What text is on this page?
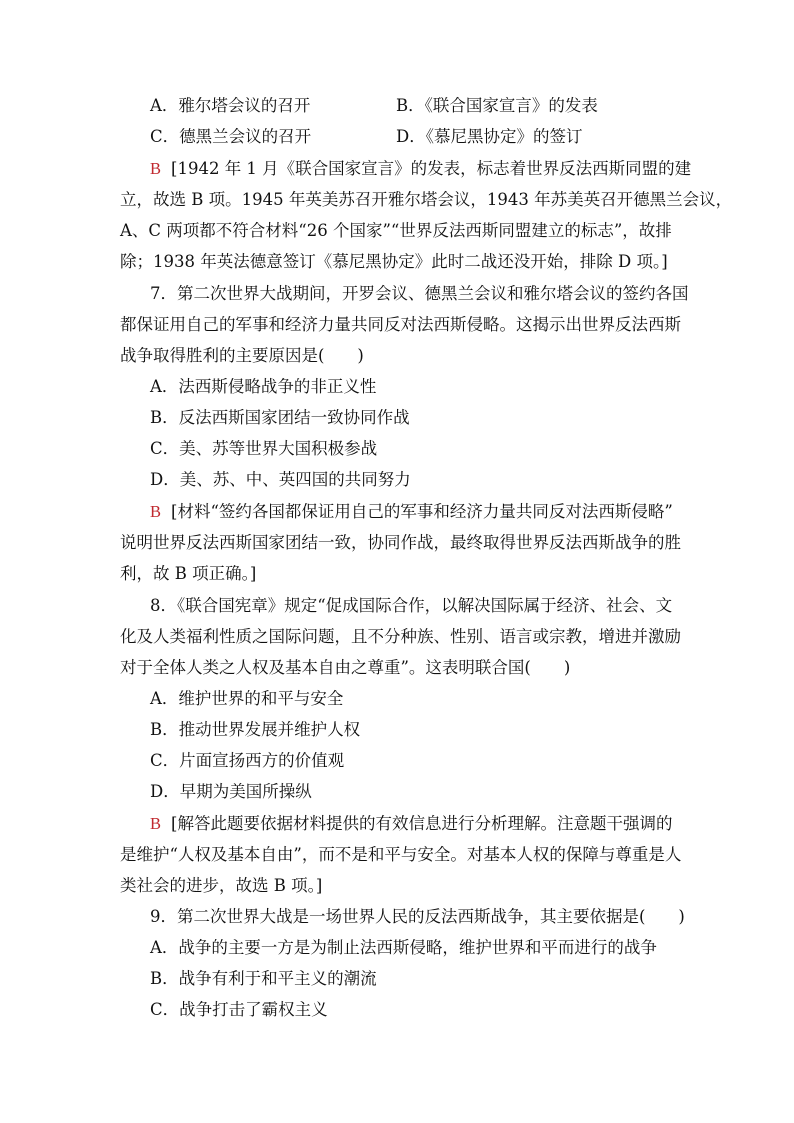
A．雅尔塔会议的召开	B．《联合国家宣言》的发表
C．德黑兰会议的召开	D．《慕尼黑协定》的签订
B [1942 年 1 月《联合国家宣言》的发表，标志着世界反法西斯同盟的建
立，故选 B 项。1945 年英美苏召开雅尔塔会议，1943 年苏美英召开德黑兰会议，
A、C 两项都不符合材料“26 个国家”“世界反法西斯同盟建立的标志”，故排
除；1938 年英法德意签订《慕尼黑协定》此时二战还没开始，排除 D 项。]
7．第二次世界大战期间，开罗会议、德黑兰会议和雅尔塔会议的签约各国
都保证用自己的军事和经济力量共同反对法西斯侵略。这揭示出世界反法西斯
战争取得胜利的主要原因是(　　)
A．法西斯侵略战争的非正义性
B．反法西斯国家团结一致协同作战
C．美、苏等世界大国积极参战
D．美、苏、中、英四国的共同努力
B [材料“签约各国都保证用自己的军事和经济力量共同反对法西斯侵略”
说明世界反法西斯国家团结一致，协同作战，最终取得世界反法西斯战争的胜
利，故 B 项正确。]
8．《联合国宪章》规定“促成国际合作，以解决国际属于经济、社会、文
化及人类福利性质之国际问题，且不分种族、性别、语言或宗教，增进并激励
对于全体人类之人权及基本自由之尊重”。这表明联合国(　　)
A．维护世界的和平与安全
B．推动世界发展并维护人权
C．片面宣扬西方的价值观
D．早期为美国所操纵
B [解答此题要依据材料提供的有效信息进行分析理解。注意题干强调的
是维护“人权及基本自由”，而不是和平与安全。对基本人权的保障与尊重是人
类社会的进步，故选 B 项。]
9．第二次世界大战是一场世界人民的反法西斯战争，其主要依据是(　　)
A．战争的主要一方是为制止法西斯侵略，维护世界和平而进行的战争
B．战争有利于和平主义的潮流
C．战争打击了霸权主义
